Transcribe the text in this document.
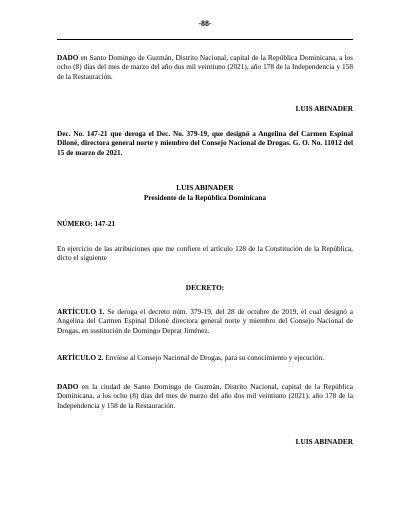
-88-
DADO en Santo Domingo de Guzmán, Distrito Nacional, capital de la República Dominicana, a los ocho (8) días del mes de marzo del año dos mil veintiuno (2021), año 178 de la Independencia y 158 de la Restauración.
LUIS ABINADER
Dec. No. 147-21 que deroga el Dec. No. 379-19, que designó a Angelina del Carmen Espinal Diloné, directora general norte y miembro del Consejo Nacional de Drogas. G. O. No. 11012 del 15 de marzo de 2021.
LUIS ABINADER
Presidente de la República Dominicana
NÚMERO: 147-21
En ejercicio de las atribuciones que me confiere el artículo 128 de la Constitución de la República, dicto el siguiente
DECRETO:
ARTÍCULO 1. Se deroga el decreto núm. 379-19, del 28 de octubre de 2019, el cual designó a Angelina del Carmen Espinal Diloné directora general norte y miembro del Consejo Nacional de Drogas, en sustitución de Domingo Deprat Jiménez.
ARTÍCULO 2. Envíese al Consejo Nacional de Drogas, para su conocimiento y ejecución.
DADO en la ciudad de Santo Domingo de Guzmán, Distrito Nacional, capital de la República Dominicana, a los ocho (8) días del mes de marzo del año dos mil veintiuno (2021); año 178 de la Independencia y 158 de la Restauración.
LUIS ABINADER
